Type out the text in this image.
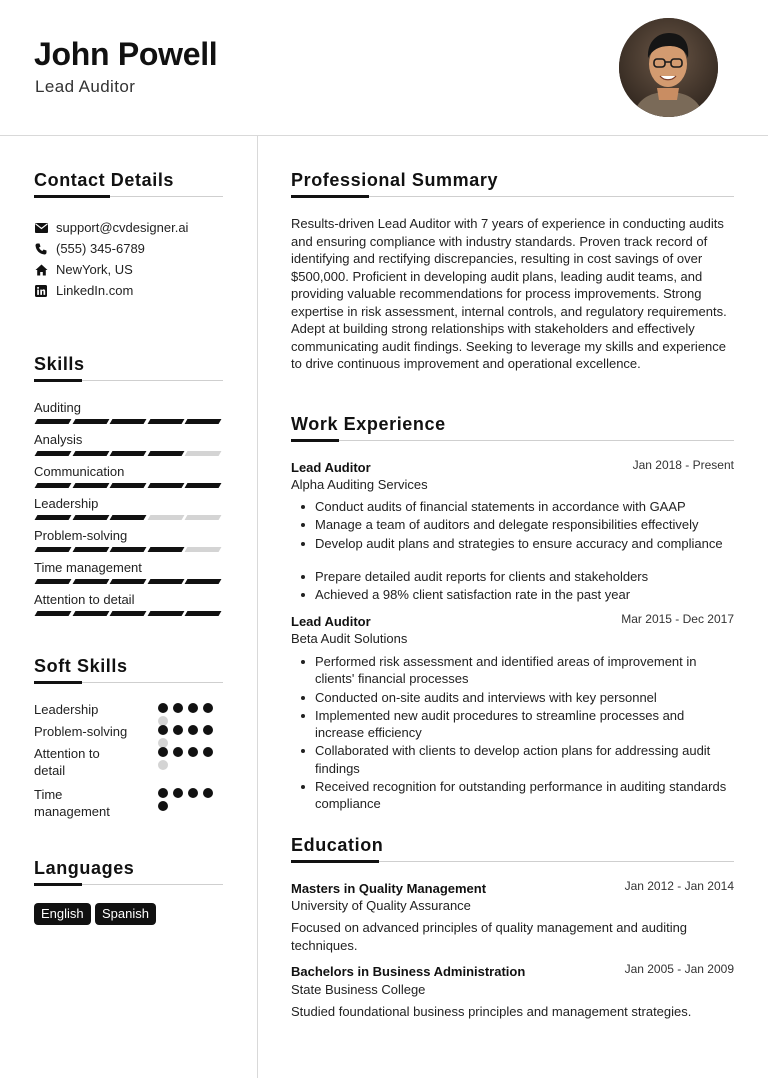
John Powell
Lead Auditor
Contact Details
support@cvdesigner.ai
(555) 345-6789
NewYork, US
LinkedIn.com
Skills
Auditing
Analysis
Communication
Leadership
Problem-solving
Time management
Attention to detail
Soft Skills
Leadership
Problem-solving
Attention to detail
Time management
Languages
English	Spanish
Professional Summary
Results-driven Lead Auditor with 7 years of experience in conducting audits and ensuring compliance with industry standards. Proven track record of identifying and rectifying discrepancies, resulting in cost savings of over $500,000. Proficient in developing audit plans, leading audit teams, and providing valuable recommendations for process improvements. Strong expertise in risk assessment, internal controls, and regulatory requirements. Adept at building strong relationships with stakeholders and effectively communicating audit findings. Seeking to leverage my skills and experience to drive continuous improvement and operational excellence.
Work Experience
Lead Auditor	Jan 2018 - Present
Alpha Auditing Services
Conduct audits of financial statements in accordance with GAAP
Manage a team of auditors and delegate responsibilities effectively
Develop audit plans and strategies to ensure accuracy and compliance
Prepare detailed audit reports for clients and stakeholders
Achieved a 98% client satisfaction rate in the past year
Lead Auditor	Mar 2015 - Dec 2017
Beta Audit Solutions
Performed risk assessment and identified areas of improvement in clients' financial processes
Conducted on-site audits and interviews with key personnel
Implemented new audit procedures to streamline processes and increase efficiency
Collaborated with clients to develop action plans for addressing audit findings
Received recognition for outstanding performance in auditing standards compliance
Education
Masters in Quality Management	Jan 2012 - Jan 2014
University of Quality Assurance
Focused on advanced principles of quality management and auditing techniques.
Bachelors in Business Administration	Jan 2005 - Jan 2009
State Business College
Studied foundational business principles and management strategies.
